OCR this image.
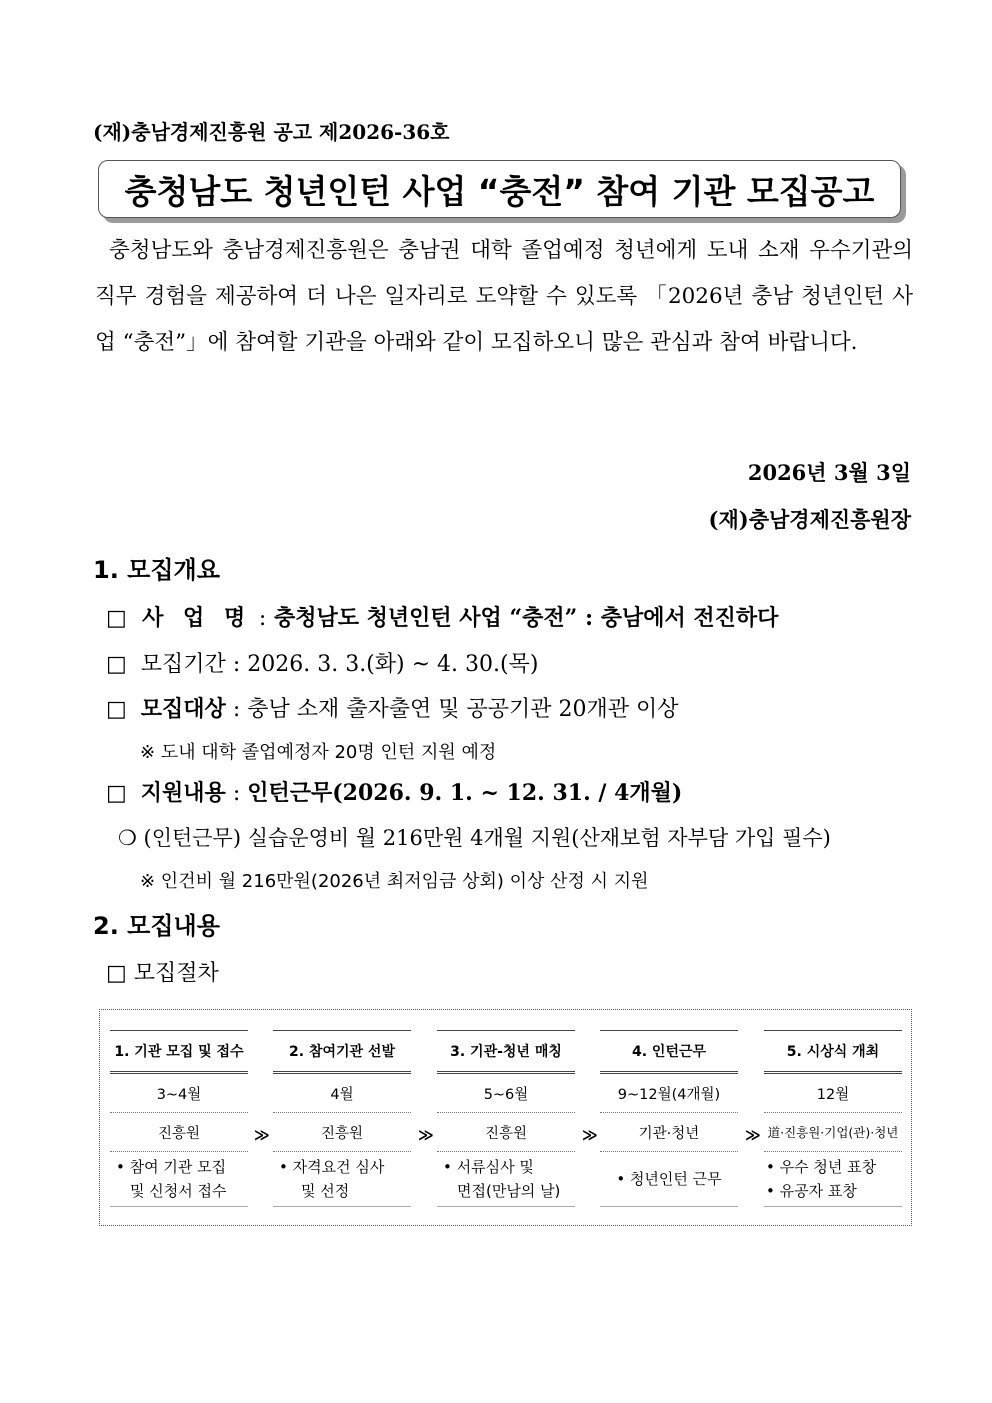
(재)충남경제진흥원 공고 제2026-36호
충청남도 청년인턴 사업 “충전” 참여 기관 모집공고
충청남도와 충남경제진흥원은 충남권 대학 졸업예정 청년에게 도내 소재 우수기관의 직무 경험을 제공하여 더 나은 일자리로 도약할 수 있도록 「2026년 충남 청년인턴 사업 “충전”」에 참여할 기관을 아래와 같이 모집하오니 많은 관심과 참여 바랍니다.
2026년 3월 3일
(재)충남경제진흥원장
1. 모집개요
□ 사 업 명 : 충청남도 청년인턴 사업 “충전” : 충남에서 전진하다
□ 모집기간 : 2026. 3. 3.(화) ~ 4. 30.(목)
□ 모집대상 : 충남 소재 출자출연 및 공공기관 20개관 이상
※ 도내 대학 졸업예정자 20명 인턴 지원 예정
□ 지원내용 : 인턴근무(2026. 9. 1. ~ 12. 31. / 4개월)
❍ (인턴근무) 실습운영비 월 216만원 4개월 지원(산재보험 자부담 가입 필수)
※ 인건비 월 216만원(2026년 최저임금 상회) 이상 산정 시 지원
2. 모집내용
□ 모집절차
1. 기관 모집 및 접수
3~4월
진흥원
• 참여 기관 모집
및 신청서 접수
≫
2. 참여기관 선발
4월
진흥원
• 자격요건 심사
및 선정
≫
3. 기관-청년 매칭
5~6월
진흥원
• 서류심사 및
면접(만남의 날)
≫
4. 인턴근무
9~12월(4개월)
기관·청년
• 청년인턴 근무
≫
5. 시상식 개최
12월
道·진흥원·기업(관)·청년
• 우수 청년 표창
• 유공자 표창
